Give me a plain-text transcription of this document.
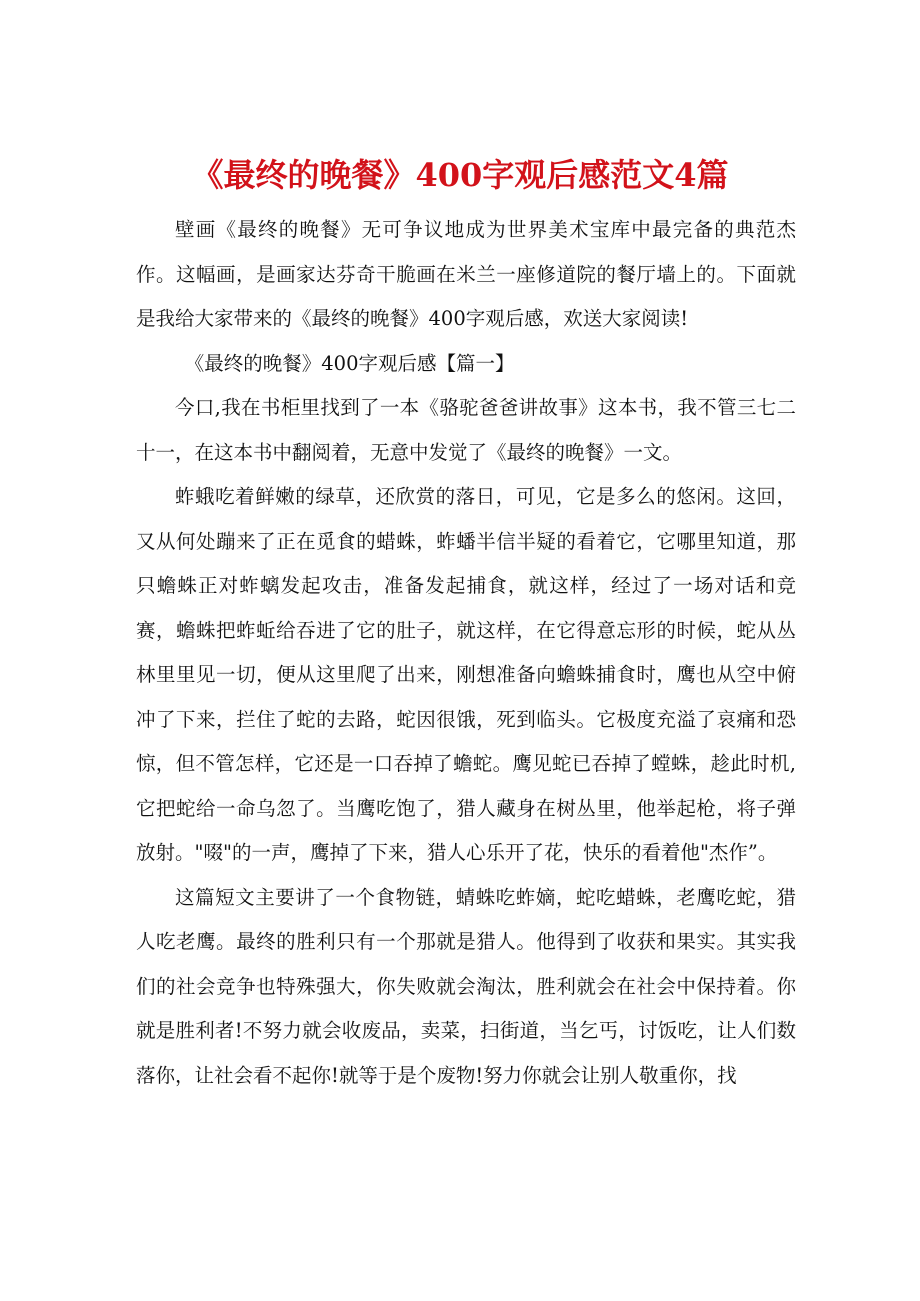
《最终的晚餐》400字观后感范文4篇

壁画《最终的晚餐》无可争议地成为世界美术宝库中最完备的典范杰作。这幅画，是画家达芬奇干脆画在米兰一座修道院的餐厅墙上的。下面就是我给大家带来的《最终的晚餐》400字观后感，欢送大家阅读!

《最终的晚餐》400字观后感【篇一】

今口,我在书柜里找到了一本《骆驼爸爸讲故事》这本书，我不管三七二十一，在这本书中翻阅着，无意中发觉了《最终的晚餐》一文。

蚱蛾吃着鲜嫩的绿草，还欣赏的落日，可见，它是多么的悠闲。这回，又从何处蹦来了正在觅食的蜡蛛，蚱蟠半信半疑的看着它，它哪里知道，那只蟾蛛正对蚱螭发起攻击，准备发起捕食，就这样，经过了一场对话和竞赛，蟾蛛把蚱蚯给吞进了它的肚子，就这样，在它得意忘形的时候，蛇从丛林里里见一切，便从这里爬了出来，刚想准备向蟾蛛捕食时，鹰也从空中俯冲了下来，拦住了蛇的去路，蛇因很饿，死到临头。它极度充溢了哀痛和恐惊，但不管怎样，它还是一口吞掉了蟾蛇。鹰见蛇已吞掉了螳蛛，趁此时机,它把蛇给一命乌忽了。当鹰吃饱了，猎人藏身在树丛里，他举起枪，将子弹放射。"啜"的一声，鹰掉了下来，猎人心乐开了花，快乐的看着他"杰作”。

这篇短文主要讲了一个食物链，蜻蛛吃蚱嫡，蛇吃蜡蛛，老鹰吃蛇，猎人吃老鹰。最终的胜利只有一个那就是猎人。他得到了收获和果实。其实我们的社会竞争也特殊强大，你失败就会淘汰，胜利就会在社会中保持着。你就是胜利者!不努力就会收废品，卖菜，扫街道，当乞丐，讨饭吃，让人们数落你，让社会看不起你!就等于是个废物!努力你就会让别人敬重你，找
